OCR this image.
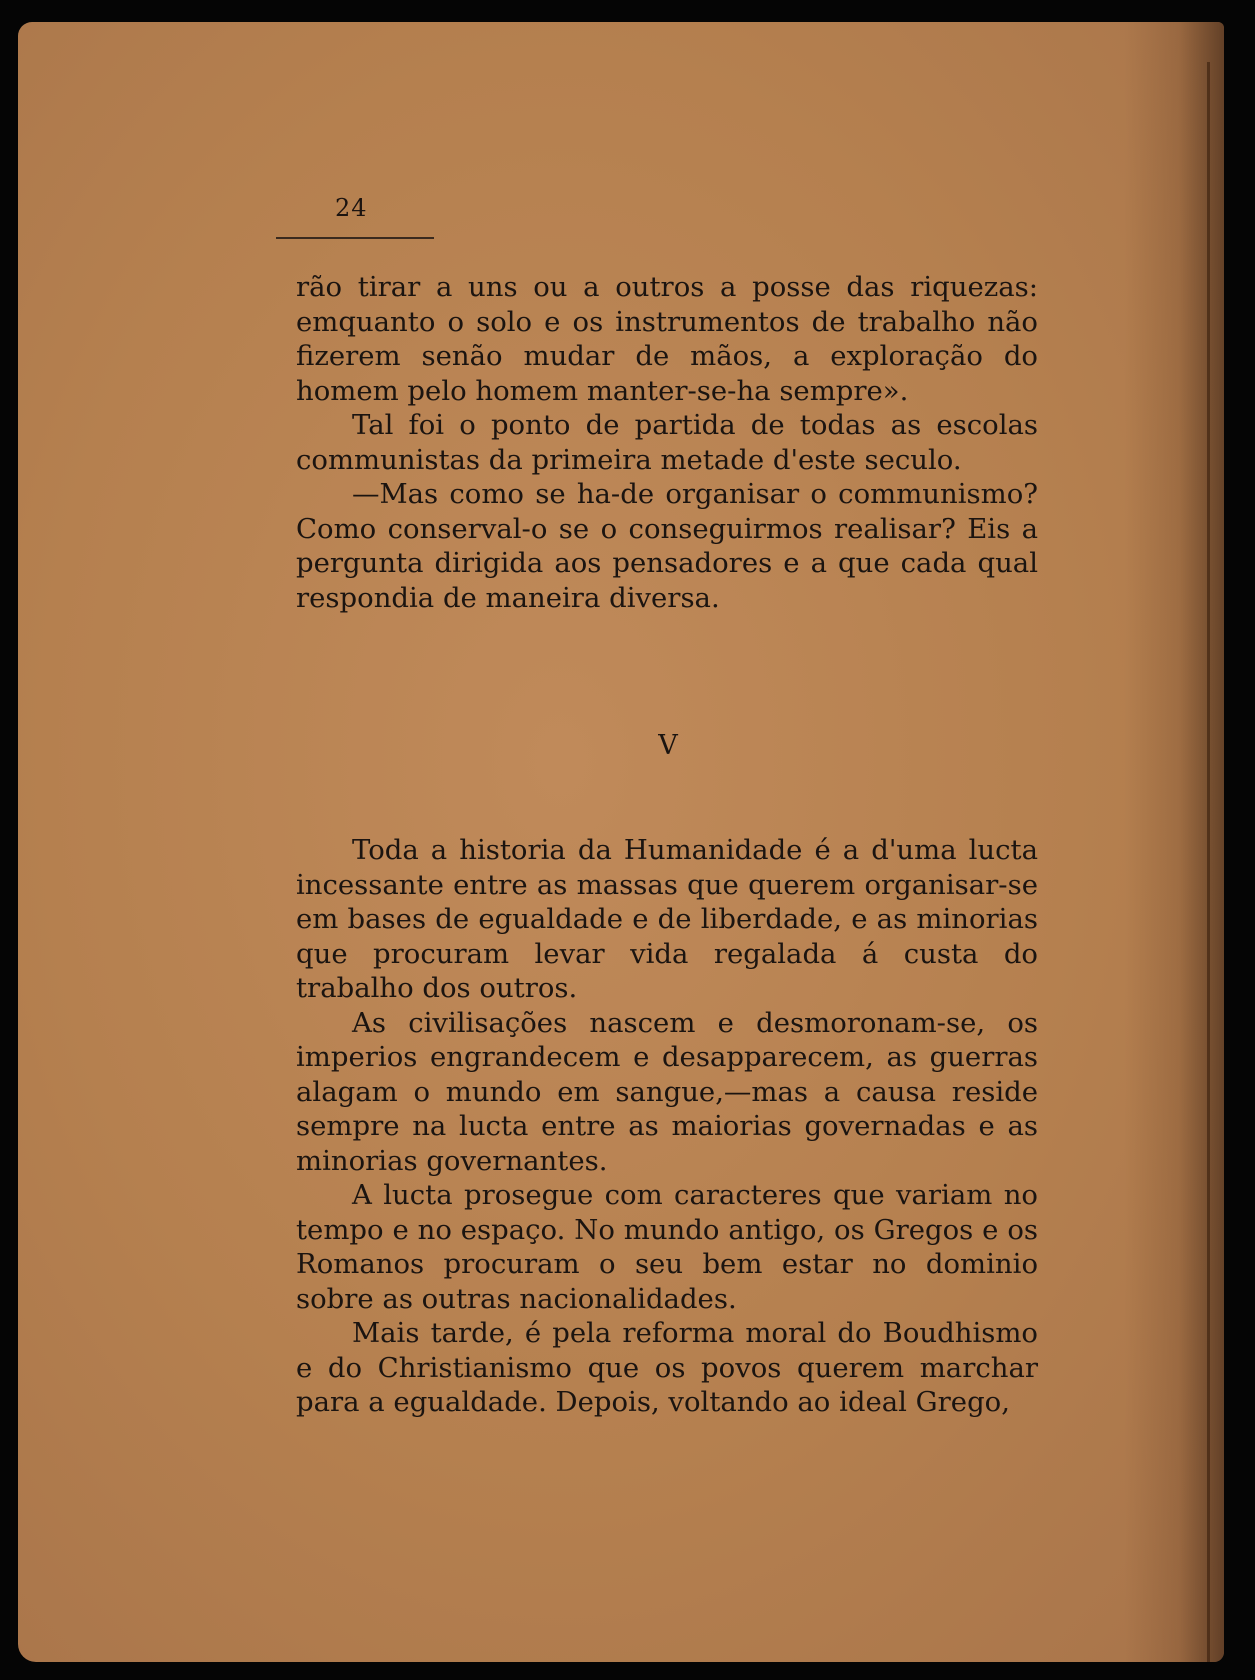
24

rão tirar a uns ou a outros a posse das riquezas: emquanto o solo e os instrumentos de trabalho não fizerem senão mudar de mãos, a exploração do homem pelo homem manter-se-ha sempre».

Tal foi o ponto de partida de todas as escolas communistas da primeira metade d'este seculo.

—Mas como se ha-de organisar o communismo? Como conserval-o se o conseguirmos realisar? Eis a pergunta dirigida aos pensadores e a que cada qual respondia de maneira diversa.

V

Toda a historia da Humanidade é a d'uma lucta incessante entre as massas que querem organisar-se em bases de egualdade e de liberdade, e as minorias que procuram levar vida regalada á custa do trabalho dos outros.

As civilisações nascem e desmoronam-se, os imperios engrandecem e desapparecem, as guerras alagam o mundo em sangue,—mas a causa reside sempre na lucta entre as maiorias governadas e as minorias governantes.

A lucta prosegue com caracteres que variam no tempo e no espaço. No mundo antigo, os Gregos e os Romanos procuram o seu bem estar no dominio sobre as outras nacionalidades.

Mais tarde, é pela reforma moral do Boudhismo e do Christianismo que os povos querem marchar para a egualdade. Depois, voltando ao ideal Grego,
